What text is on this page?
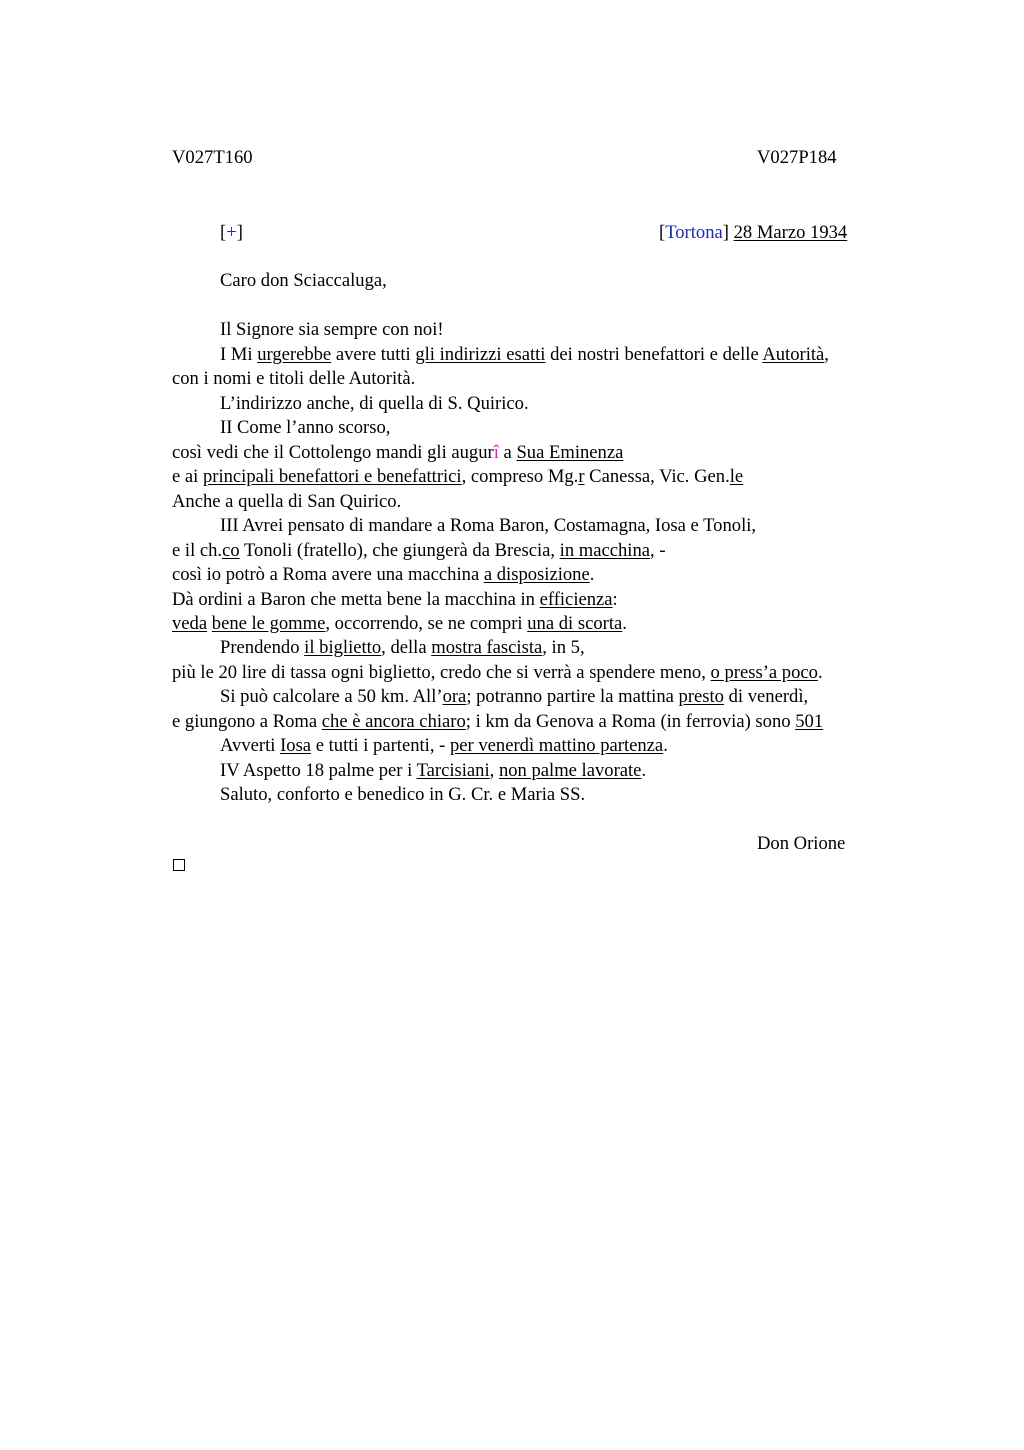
V027T160	V027P184
[+]	[Tortona] 28 Marzo 1934
Caro don Sciaccaluga,
Il Signore sia sempre con noi!
I Mi urgerebbe avere tutti gli indirizzi esatti dei nostri benefattori e delle Autorità,
con i nomi e titoli delle Autorità.
L’indirizzo anche, di quella di S. Quirico.
II Come l’anno scorso,
così vedi che il Cottolengo mandi gli augurî a Sua Eminenza
e ai principali benefattori e benefattrici, compreso Mg.r Canessa, Vic. Gen.le
Anche a quella di San Quirico.
III Avrei pensato di mandare a Roma Baron, Costamagna, Iosa e Tonoli,
e il ch.co Tonoli (fratello), che giungerà da Brescia, in macchina, -
così io potrò a Roma avere una macchina a disposizione.
Dà ordini a Baron che metta bene la macchina in efficienza:
veda bene le gomme, occorrendo, se ne compri una di scorta.
Prendendo il biglietto, della mostra fascista, in 5,
più le 20 lire di tassa ogni biglietto, credo che si verrà a spendere meno, o press’a poco.
Si può calcolare a 50 km. All’ora; potranno partire la mattina presto di venerdì,
e giungono a Roma che è ancora chiaro; i km da Genova a Roma (in ferrovia) sono 501
Avverti Iosa e tutti i partenti, - per venerdì mattino partenza.
IV Aspetto 18 palme per i Tarcisiani, non palme lavorate.
Saluto, conforto e benedico in G. Cr. e Maria SS.
Don Orione
